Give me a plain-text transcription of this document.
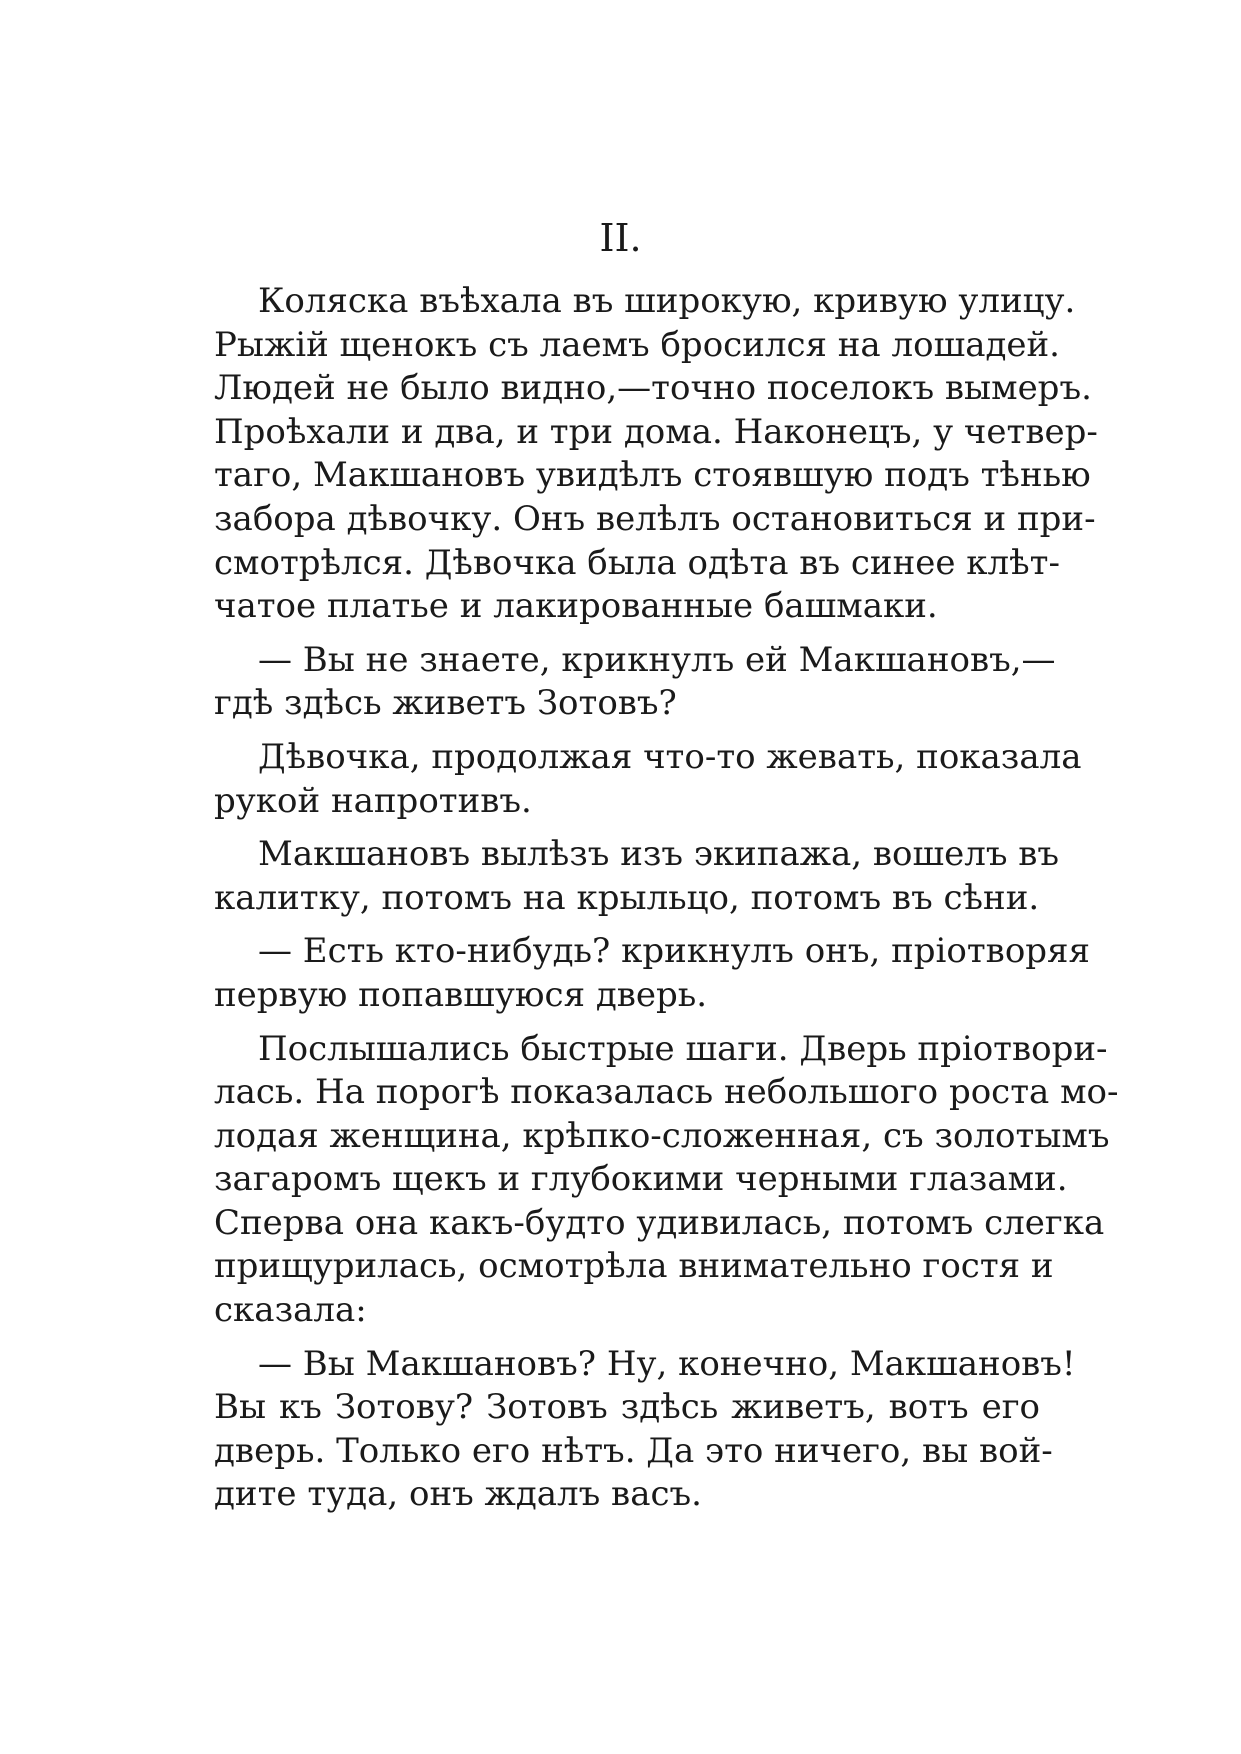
II.
Коляска въѣхала въ широкую, кривую улицу.
Рыжій щенокъ съ лаемъ бросился на лошадей.
Людей не было видно,—точно поселокъ вымеръ.
Проѣхали и два, и три дома. Наконецъ, у четвер-
таго, Макшановъ увидѣлъ стоявшую подъ тѣнью
забора дѣвочку. Онъ велѣлъ остановиться и при-
смотрѣлся. Дѣвочка была одѣта въ синее клѣт-
чатое платье и лакированные башмаки.
— Вы не знаете, крикнулъ ей Макшановъ,—
гдѣ здѣсь живетъ Зотовъ?
Дѣвочка, продолжая что-то жевать, показала
рукой напротивъ.
Макшановъ вылѣзъ изъ экипажа, вошелъ въ
калитку, потомъ на крыльцо, потомъ въ сѣни.
— Есть кто-нибудь? крикнулъ онъ, пріотворяя
первую попавшуюся дверь.
Послышались быстрые шаги. Дверь пріотвори-
лась. На порогѣ показалась небольшого роста мо-
лодая женщина, крѣпко-сложенная, съ золотымъ
загаромъ щекъ и глубокими черными глазами.
Сперва она какъ-будто удивилась, потомъ слегка
прищурилась, осмотрѣла внимательно гостя и
сказала:
— Вы Макшановъ? Ну, конечно, Макшановъ!
Вы къ Зотову? Зотовъ здѣсь живетъ, вотъ его
дверь. Только его нѣтъ. Да это ничего, вы вой-
дите туда, онъ ждалъ васъ.
